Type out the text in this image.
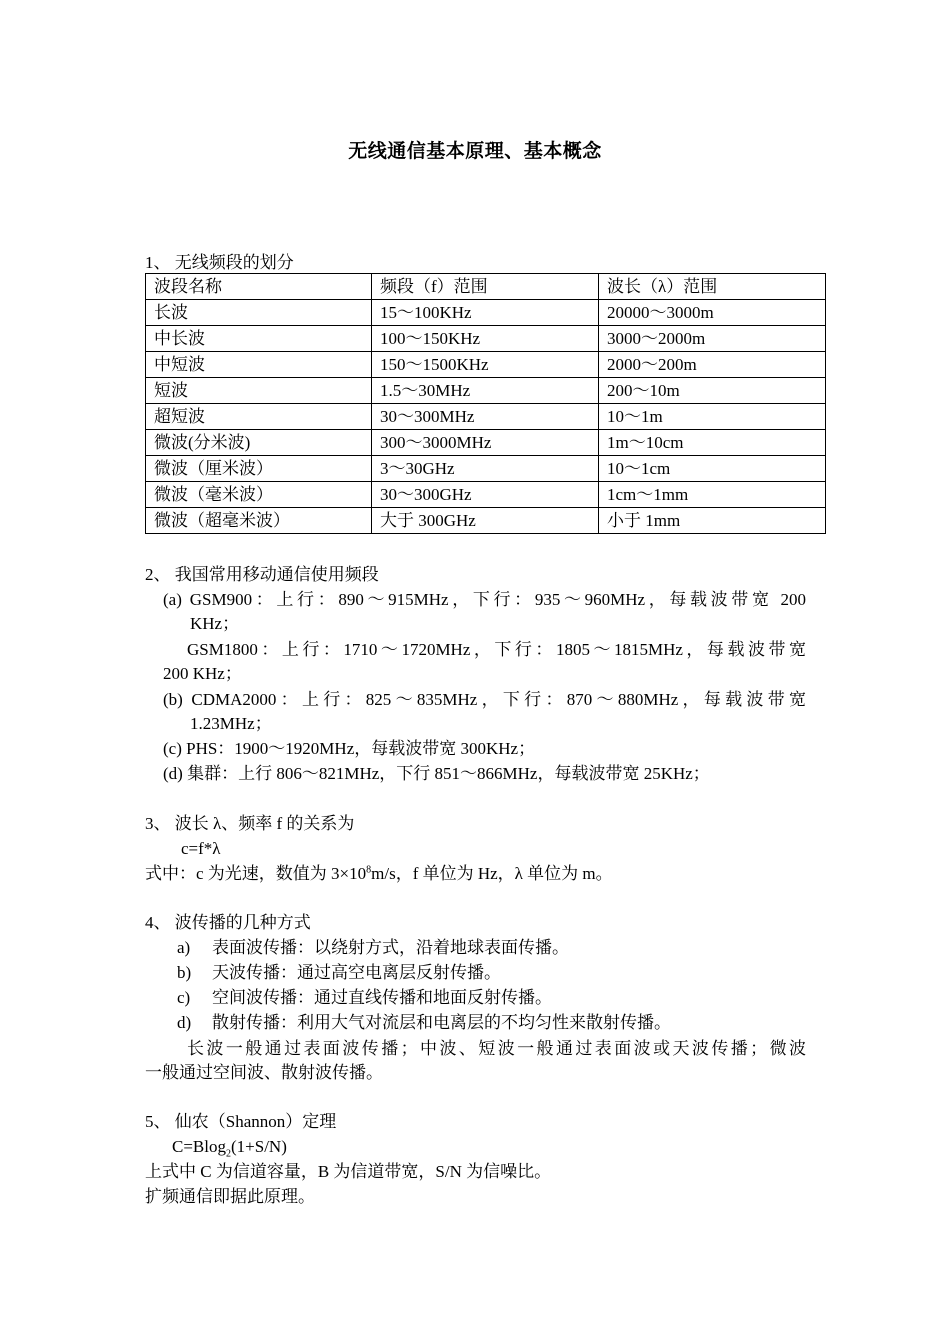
无线通信基本原理、基本概念
1、 无线频段的划分
波段名称	频段（f）范围	波长（λ）范围
长波	15～100KHz	20000～3000m
中长波	100～150KHz	3000～2000m
中短波	150～1500KHz	2000～200m
短波	1.5～30MHz	200～10m
超短波	30～300MHz	10～1m
微波(分米波)	300～3000MHz	1m～10cm
微波（厘米波）	3～30GHz	10～1cm
微波（毫米波）	30～300GHz	1cm～1mm
微波（超毫米波）	大于 300GHz	小于 1mm
2、 我国常用移动通信使用频段
(a) GSM900：上行：890～915MHz，下行：935～960MHz，每载波带宽 200
KHz；
GSM1800：上行：1710～1720MHz，下行：1805～1815MHz，每载波带宽
200 KHz；
(b) CDMA2000：上行：825～835MHz，下行：870～880MHz，每载波带宽
1.23MHz；
(c) PHS：1900～1920MHz，每载波带宽 300KHz；
(d) 集群：上行 806～821MHz，下行 851～866MHz，每载波带宽 25KHz；
3、 波长 λ、频率 f 的关系为
c=f*λ
式中：c 为光速，数值为 $3\times 10^8m/s$，f 单位为 Hz，λ 单位为 m。
4、 波传播的几种方式
a) 表面波传播：以绕射方式，沿着地球表面传播。
b) 天波传播：通过高空电离层反射传播。
c) 空间波传播：通过直线传播和地面反射传播。
d) 散射传播：利用大气对流层和电离层的不均匀性来散射传播。
长波一般通过表面波传播；中波、短波一般通过表面波或天波传播；微波
一般通过空间波、散射波传播。
5、 仙农（Shannon）定理
C=Blog$_2$(1+S/N)
上式中 C 为信道容量，B 为信道带宽，S/N 为信噪比。
扩频通信即据此原理。
